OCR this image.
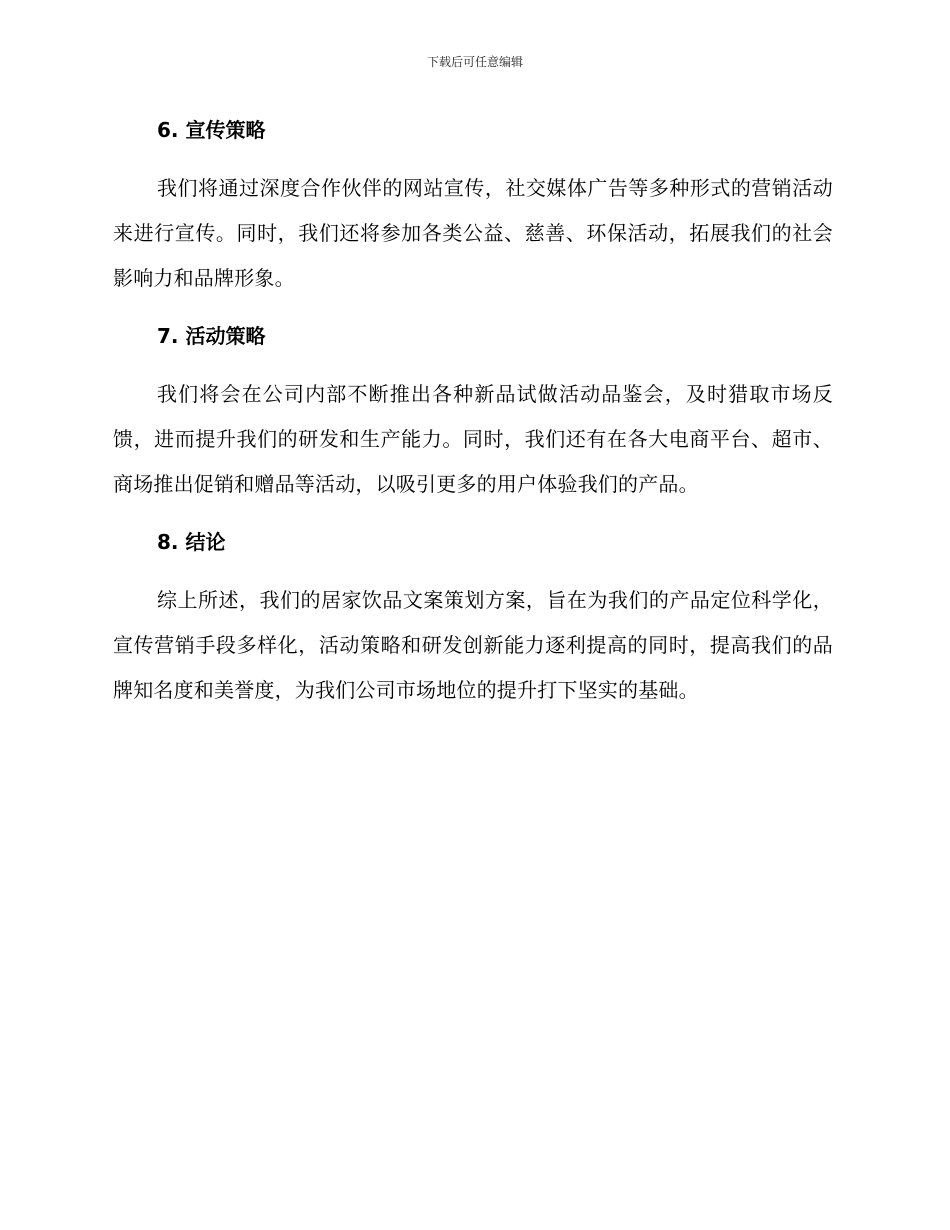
下载后可任意编辑
6. 宣传策略

我们将通过深度合作伙伴的网站宣传，社交媒体广告等多种形式的营销活动来进行宣传。同时，我们还将参加各类公益、慈善、环保活动，拓展我们的社会影响力和品牌形象。

7. 活动策略

我们将会在公司内部不断推出各种新品试做活动品鉴会，及时猎取市场反馈，进而提升我们的研发和生产能力。同时，我们还有在各大电商平台、超市、商场推出促销和赠品等活动，以吸引更多的用户体验我们的产品。

8. 结论

综上所述，我们的居家饮品文案策划方案，旨在为我们的产品定位科学化，宣传营销手段多样化，活动策略和研发创新能力逐利提高的同时，提高我们的品牌知名度和美誉度，为我们公司市场地位的提升打下坚实的基础。
